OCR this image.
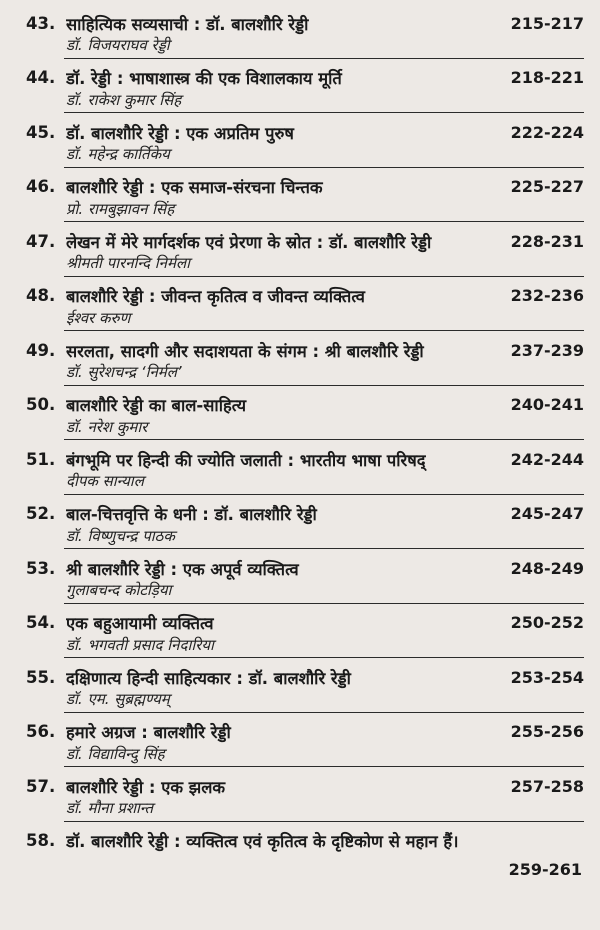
43. साहित्यिक सव्यसाची : डॉ. बालशौरि रेड्डी	215-217
डॉ. विजयराघव रेड्डी
44. डॉ. रेड्डी : भाषाशास्त्र की एक विशालकाय मूर्ति	218-221
डॉ. राकेश कुमार सिंह
45. डॉ. बालशौरि रेड्डी : एक अप्रतिम पुरुष	222-224
डॉ. महेन्द्र कार्तिकेय
46. बालशौरि रेड्डी : एक समाज-संरचना चिन्तक	225-227
प्रो. रामबुझावन सिंह
47. लेखन में मेरे मार्गदर्शक एवं प्रेरणा के स्रोत : डॉ. बालशौरि रेड्डी	228-231
श्रीमती पारनन्दि निर्मला
48. बालशौरि रेड्डी : जीवन्त कृतित्व व जीवन्त व्यक्तित्व	232-236
ईश्वर करुण
49. सरलता, सादगी और सदाशयता के संगम : श्री बालशौरि रेड्डी	237-239
डॉ. सुरेशचन्द्र ‘निर्मल’
50. बालशौरि रेड्डी का बाल-साहित्य	240-241
डॉ. नरेश कुमार
51. बंगभूमि पर हिन्दी की ज्योति जलाती : भारतीय भाषा परिषद्	242-244
दीपक सान्याल
52. बाल-चित्तवृत्ति के धनी : डॉ. बालशौरि रेड्डी	245-247
डॉ. विष्णुचन्द्र पाठक
53. श्री बालशौरि रेड्डी : एक अपूर्व व्यक्तित्व	248-249
गुलाबचन्द कोटड़िया
54. एक बहुआयामी व्यक्तित्व	250-252
डॉ. भगवती प्रसाद निदारिया
55. दक्षिणात्य हिन्दी साहित्यकार : डॉ. बालशौरि रेड्डी	253-254
डॉ. एम. सुब्रह्मण्यम्
56. हमारे अग्रज : बालशौरि रेड्डी	255-256
डॉ. विद्याविन्दु सिंह
57. बालशौरि रेड्डी : एक झलक	257-258
डॉ. मौना प्रशान्त
58. डॉ. बालशौरि रेड्डी : व्यक्तित्व एवं कृतित्व के दृष्टिकोण से महान हैं।
259-261
